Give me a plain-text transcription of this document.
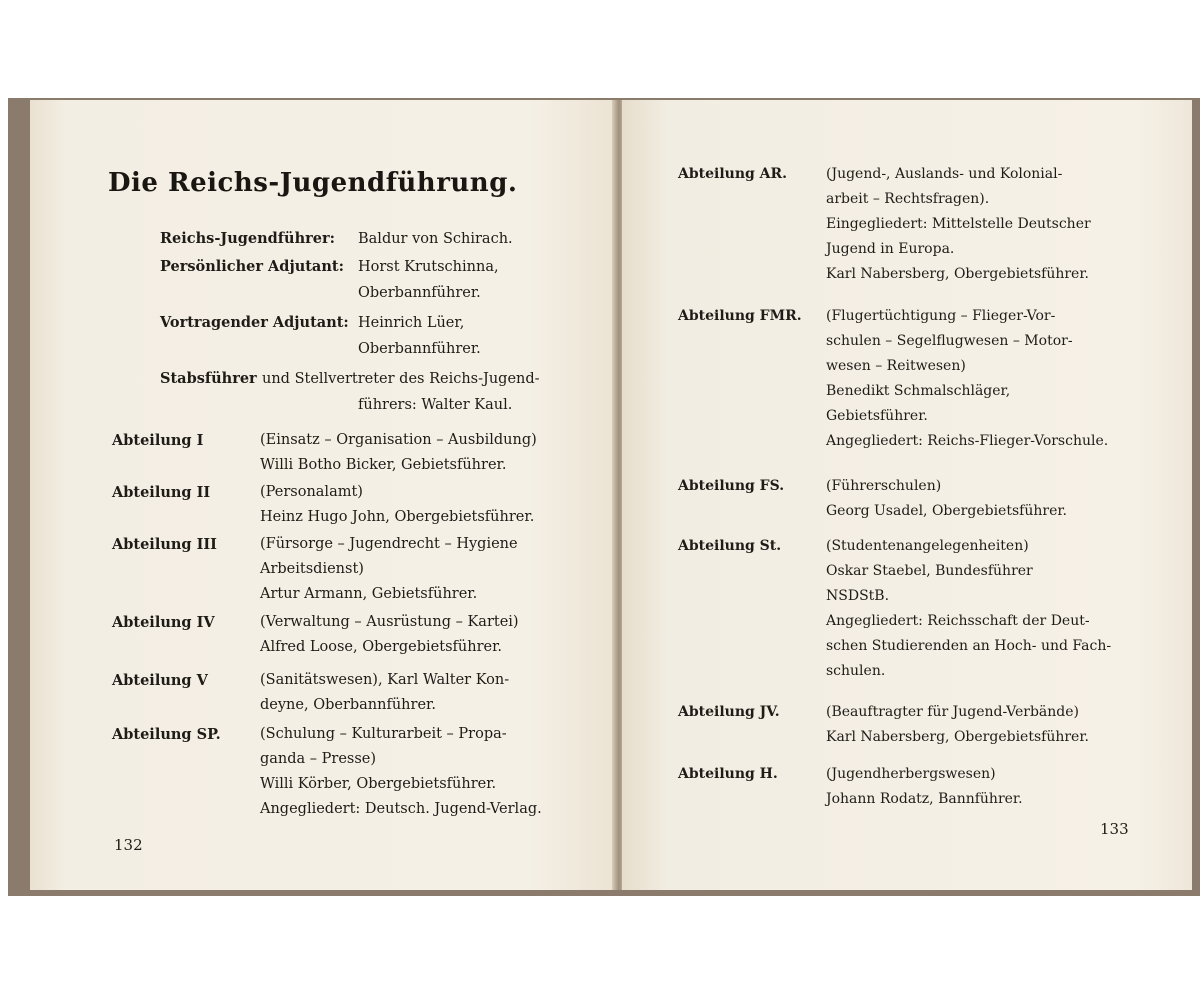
Die Reichs-Jugendführung.
Reichs-Jugendführer: Baldur von Schirach.
Persönlicher Adjutant: Horst Krutschinna,
Oberbannführer.
Vortragender Adjutant: Heinrich Lüer,
Oberbannführer.
Stabsführer und Stellvertreter des Reichs-Jugend-
führers: Walter Kaul.
Abteilung I	(Einsatz – Organisation – Ausbildung)
Willi Botho Bicker, Gebietsführer.
Abteilung II	(Personalamt)
Heinz Hugo John, Obergebietsführer.
Abteilung III	(Fürsorge – Jugendrecht – Hygiene
Arbeitsdienst)
Artur Armann, Gebietsführer.
Abteilung IV	(Verwaltung – Ausrüstung – Kartei)
Alfred Loose, Obergebietsführer.
Abteilung V	(Sanitätswesen), Karl Walter Kon-
deyne, Oberbannführer.
Abteilung SP.	(Schulung – Kulturarbeit – Propa-
ganda – Presse)
Willi Körber, Obergebietsführer.
Angegliedert: Deutsch. Jugend-Verlag.
132
Abteilung AR.	(Jugend-, Auslands- und Kolonial-
arbeit – Rechtsfragen).
Eingegliedert: Mittelstelle Deutscher
Jugend in Europa.
Karl Nabersberg, Obergebietsführer.
Abteilung FMR. (Flugertüchtigung – Flieger-Vor-
schulen – Segelflugwesen – Motor-
wesen – Reitwesen)
Benedikt Schmalschläger,
Gebietsführer.
Angegliedert: Reichs-Flieger-Vorschule.
Abteilung FS.	(Führerschulen)
Georg Usadel, Obergebietsführer.
Abteilung St.	(Studentenangelegenheiten)
Oskar Staebel, Bundesführer
NSDStB.
Angegliedert: Reichsschaft der Deut-
schen Studierenden an Hoch- und Fach-
schulen.
Abteilung JV.	(Beauftragter für Jugend-Verbände)
Karl Nabersberg, Obergebietsführer.
Abteilung H.	(Jugendherbergswesen)
Johann Rodatz, Bannführer.
133
